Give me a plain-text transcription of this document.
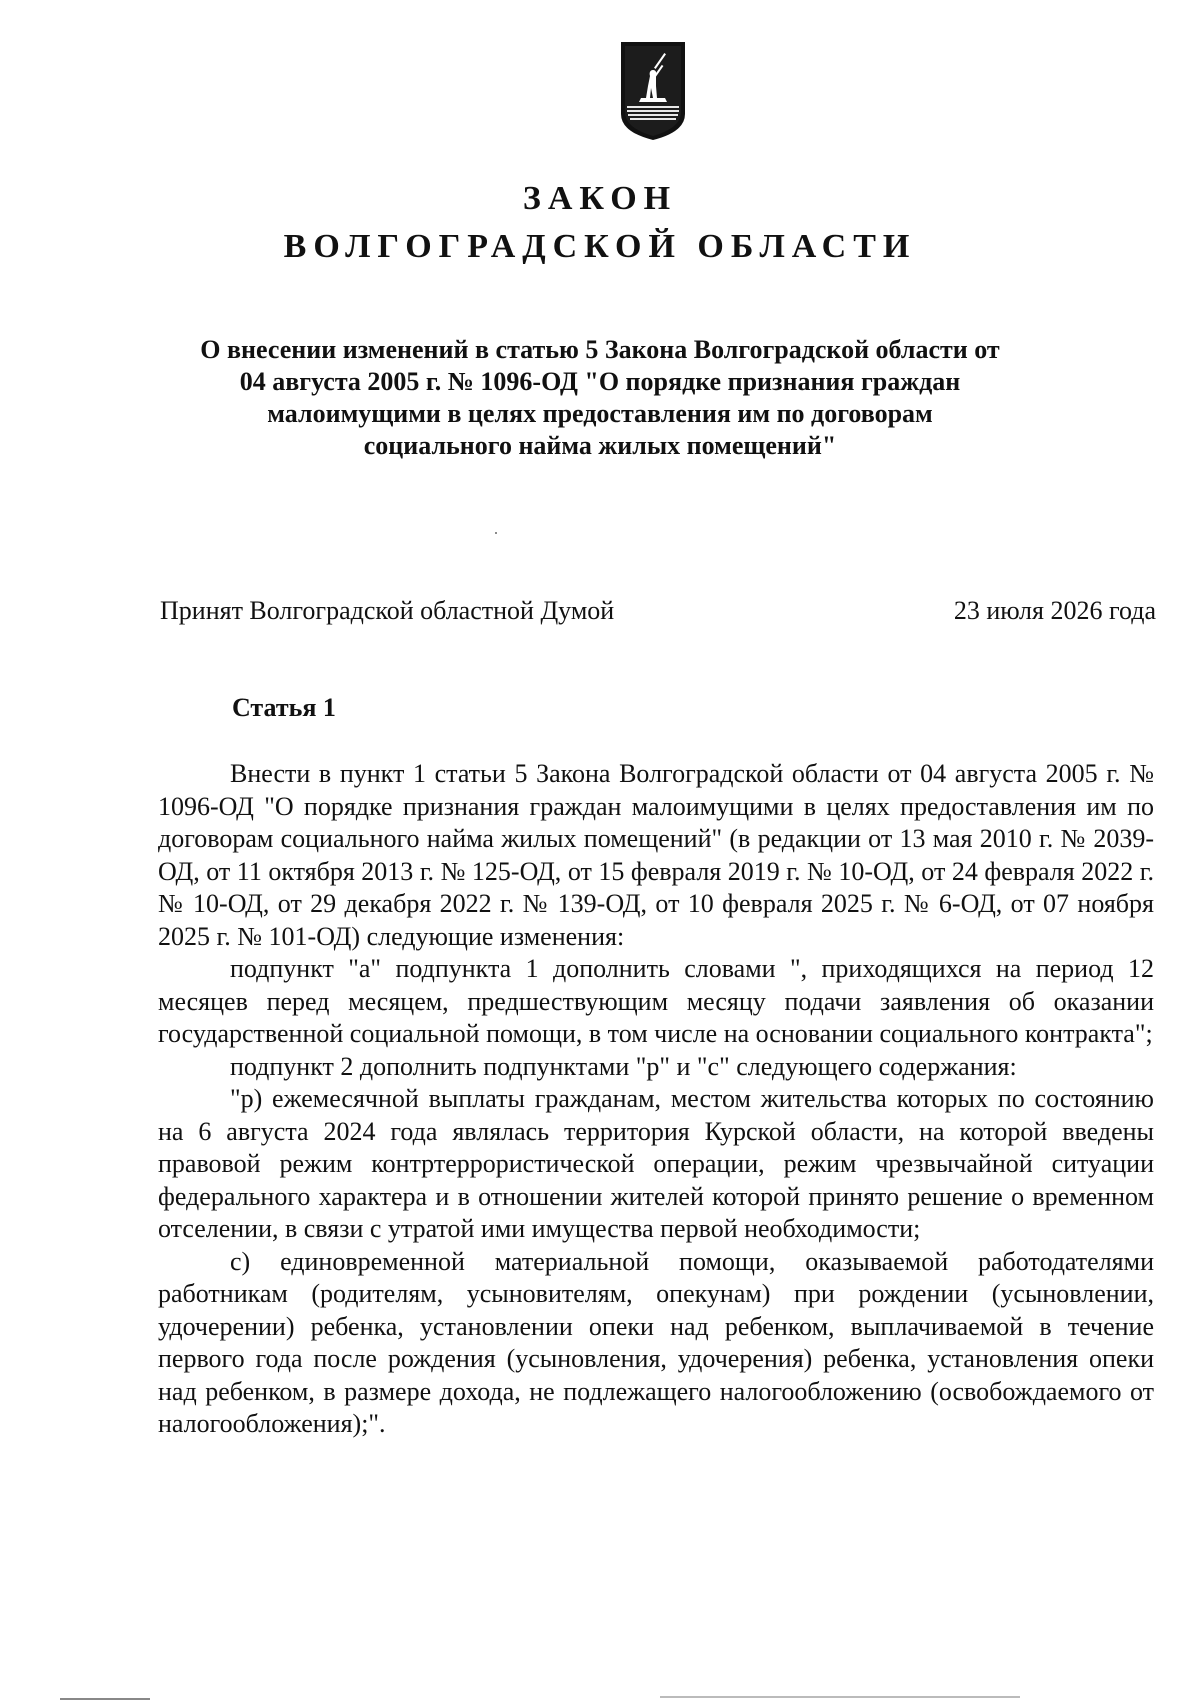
ЗАКОН
ВОЛГОГРАДСКОЙ ОБЛАСТИ
О внесении изменений в статью 5 Закона Волгоградской области от 04 августа 2005 г. № 1096-ОД "О порядке признания граждан малоимущими в целях предоставления им по договорам социального найма жилых помещений"
Принят Волгоградской областной Думой	23 июля 2026 года
Статья 1

Внести в пункт 1 статьи 5 Закона Волгоградской области от 04 августа 2005 г. № 1096-ОД "О порядке признания граждан малоимущими в целях предоставления им по договорам социального найма жилых помещений" (в редакции от 13 мая 2010 г. № 2039-ОД, от 11 октября 2013 г. № 125-ОД, от 15 февраля 2019 г. № 10-ОД, от 24 февраля 2022 г. № 10-ОД, от 29 декабря 2022 г. № 139-ОД, от 10 февраля 2025 г. № 6-ОД, от 07 ноября 2025 г. № 101-ОД) следующие изменения:

подпункт "а" подпункта 1 дополнить словами ", приходящихся на период 12 месяцев перед месяцем, предшествующим месяцу подачи заявления об оказании государственной социальной помощи, в том числе на основании социального контракта";

подпункт 2 дополнить подпунктами "р" и "с" следующего содержания:

"р) ежемесячной выплаты гражданам, местом жительства которых по состоянию на 6 августа 2024 года являлась территория Курской области, на которой введены правовой режим контртеррористической операции, режим чрезвычайной ситуации федерального характера и в отношении жителей которой принято решение о временном отселении, в связи с утратой ими имущества первой необходимости;

с) единовременной материальной помощи, оказываемой работодателями работникам (родителям, усыновителям, опекунам) при рождении (усыновлении, удочерении) ребенка, установлении опеки над ребенком, выплачиваемой в течение первого года после рождения (усыновления, удочерения) ребенка, установления опеки над ребенком, в размере дохода, не подлежащего налогообложению (освобождаемого от налогообложения);".
